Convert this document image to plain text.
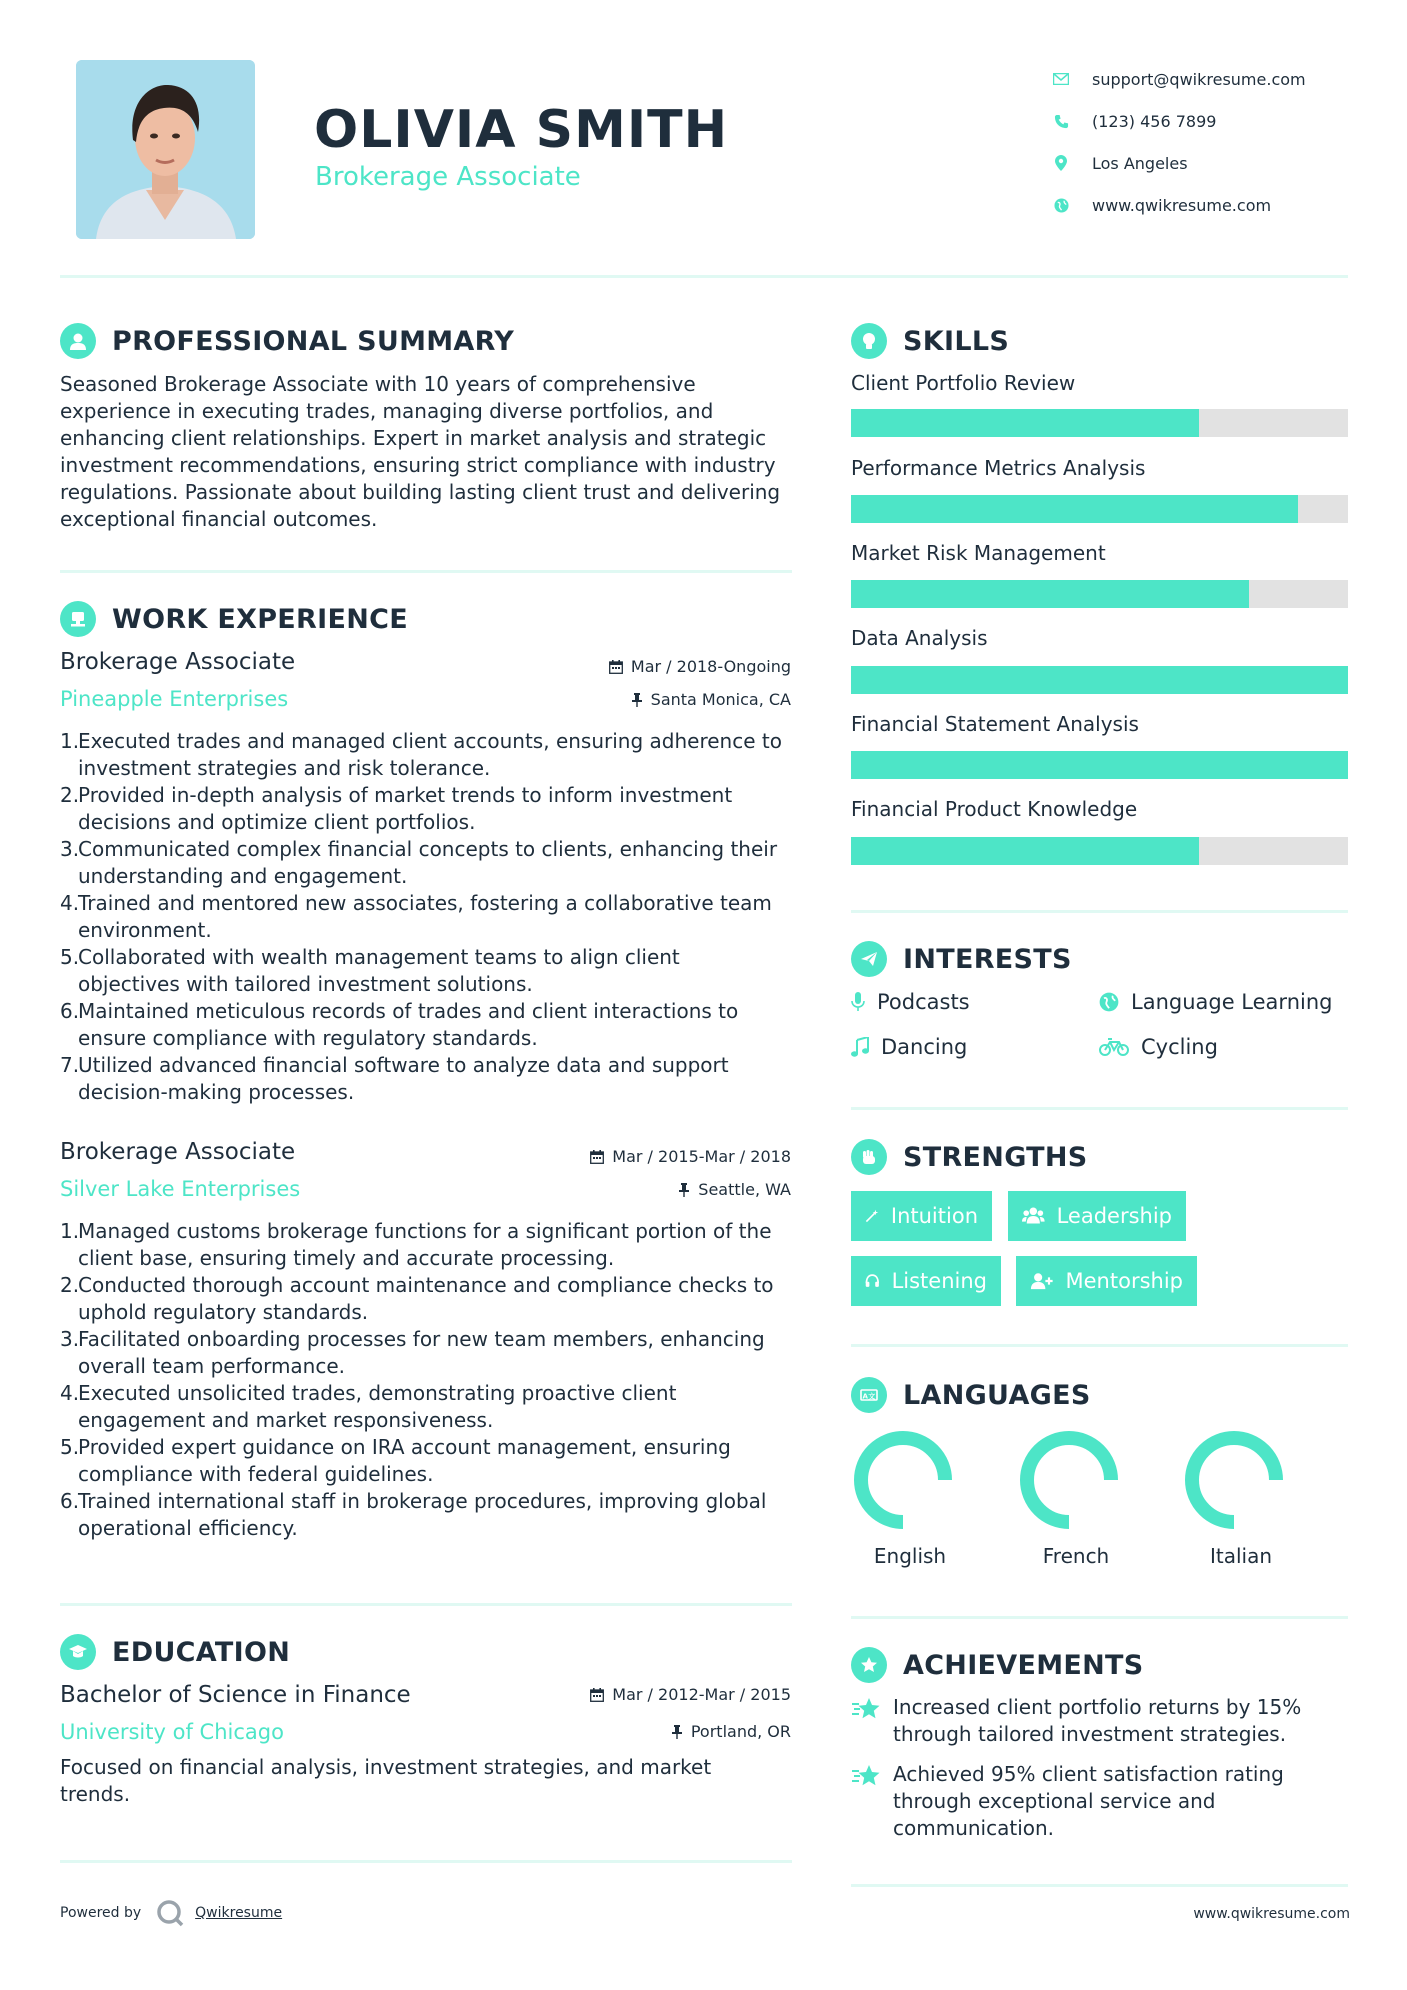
OLIVIA SMITH
Brokerage Associate
support@qwikresume.com
(123) 456 7899
Los Angeles
www.qwikresume.com
PROFESSIONAL SUMMARY
Seasoned Brokerage Associate with 10 years of comprehensive experience in executing trades, managing diverse portfolios, and enhancing client relationships. Expert in market analysis and strategic investment recommendations, ensuring strict compliance with industry regulations. Passionate about building lasting client trust and delivering exceptional financial outcomes.
WORK EXPERIENCE
Brokerage Associate	Mar / 2018-Ongoing
Pineapple Enterprises	Santa Monica, CA
1.
Executed trades and managed client accounts, ensuring adherence to investment strategies and risk tolerance.
2.
Provided in-depth analysis of market trends to inform investment decisions and optimize client portfolios.
3.
Communicated complex financial concepts to clients, enhancing their understanding and engagement.
4.
Trained and mentored new associates, fostering a collaborative team environment.
5.
Collaborated with wealth management teams to align client objectives with tailored investment solutions.
6.
Maintained meticulous records of trades and client interactions to ensure compliance with regulatory standards.
7.
Utilized advanced financial software to analyze data and support decision-making processes.
Brokerage Associate	Mar / 2015-Mar / 2018
Silver Lake Enterprises	Seattle, WA
1.
Managed customs brokerage functions for a significant portion of the client base, ensuring timely and accurate processing.
2.
Conducted thorough account maintenance and compliance checks to uphold regulatory standards.
3.
Facilitated onboarding processes for new team members, enhancing overall team performance.
4.
Executed unsolicited trades, demonstrating proactive client engagement and market responsiveness.
5.
Provided expert guidance on IRA account management, ensuring compliance with federal guidelines.
6.
Trained international staff in brokerage procedures, improving global operational efficiency.
EDUCATION
Bachelor of Science in Finance	Mar / 2012-Mar / 2015
University of Chicago	Portland, OR
Focused on financial analysis, investment strategies, and market trends.
SKILLS
Client Portfolio Review
Performance Metrics Analysis
Market Risk Management
Data Analysis
Financial Statement Analysis
Financial Product Knowledge
INTERESTS
Podcasts	Language Learning
Dancing	Cycling
STRENGTHS
Intuition	Leadership
Listening	Mentorship
A文 LANGUAGES
English	French	Italian
ACHIEVEMENTS
Increased client portfolio returns by 15% through tailored investment strategies.
Achieved 95% client satisfaction rating through exceptional service and communication.
Powered by	Qwikresume	www.qwikresume.com
